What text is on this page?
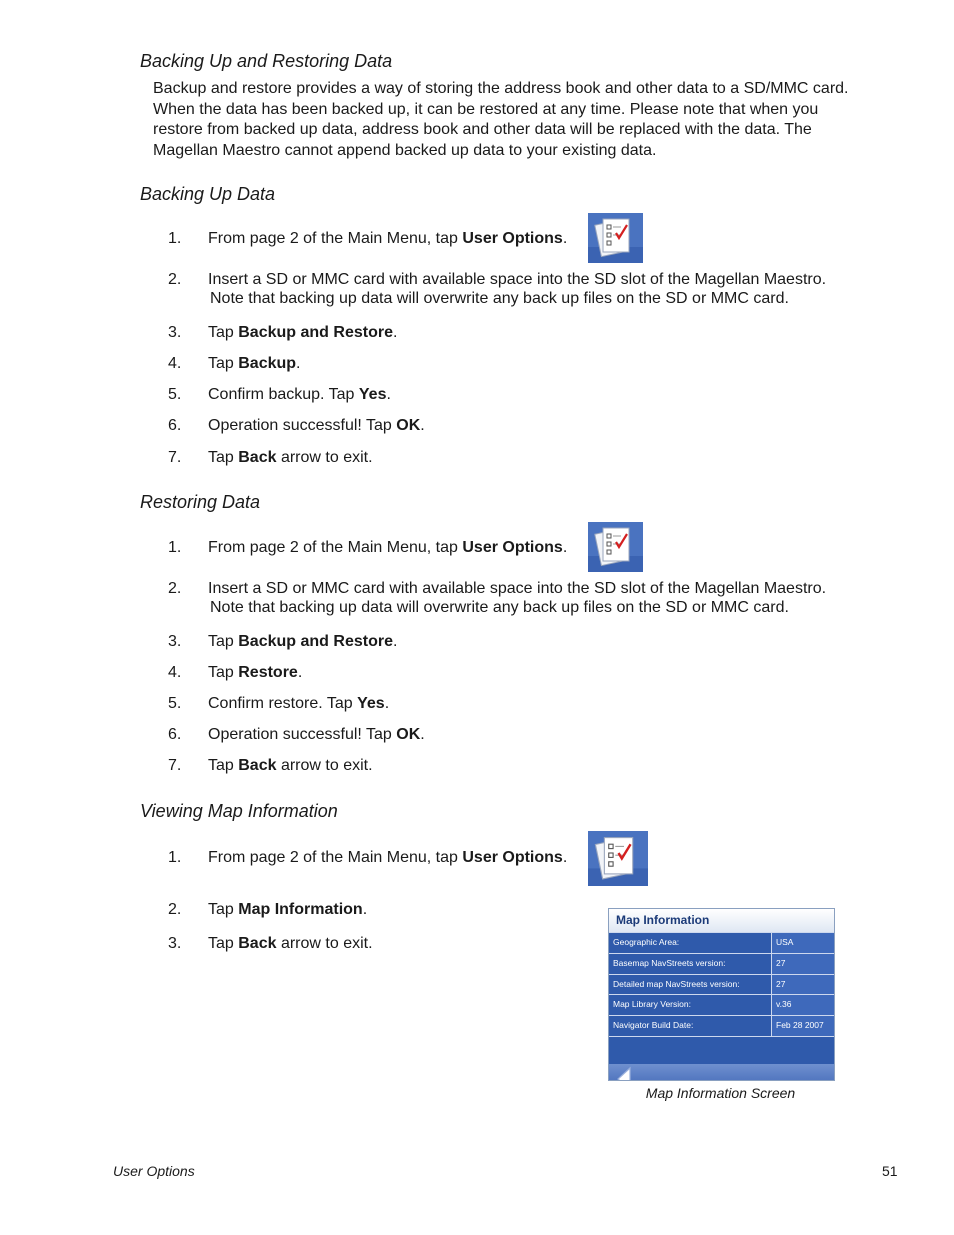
Backing Up and Restoring Data
Backup and restore provides a way of storing the address book and other data to a SD/MMC card.
When the data has been backed up, it can be restored at any time. Please note that when you
restore from backed up data, address book and other data will be replaced with the data. The
Magellan Maestro cannot append backed up data to your existing data.
Backing Up Data
1. From page 2 of the Main Menu, tap User Options.
2. Insert a SD or MMC card with available space into the SD slot of the Magellan Maestro.
Note that backing up data will overwrite any back up files on the SD or MMC card.
3. Tap Backup and Restore.
4. Tap Backup.
5. Confirm backup. Tap Yes.
6. Operation successful! Tap OK.
7. Tap Back arrow to exit.
Restoring Data
1. From page 2 of the Main Menu, tap User Options.
2. Insert a SD or MMC card with available space into the SD slot of the Magellan Maestro.
Note that backing up data will overwrite any back up files on the SD or MMC card.
3. Tap Backup and Restore.
4. Tap Restore.
5. Confirm restore. Tap Yes.
6. Operation successful! Tap OK.
7. Tap Back arrow to exit.
Viewing Map Information
1. From page 2 of the Main Menu, tap User Options.
2. Tap Map Information.
3. Tap Back arrow to exit.
Map Information
Geographic Area:	USA
Basemap NavStreets version:	27
Detailed map NavStreets version:	27
Map Library Version:	v.36
Navigator Build Date:	Feb 28 2007
Map Information Screen
User Options	51
